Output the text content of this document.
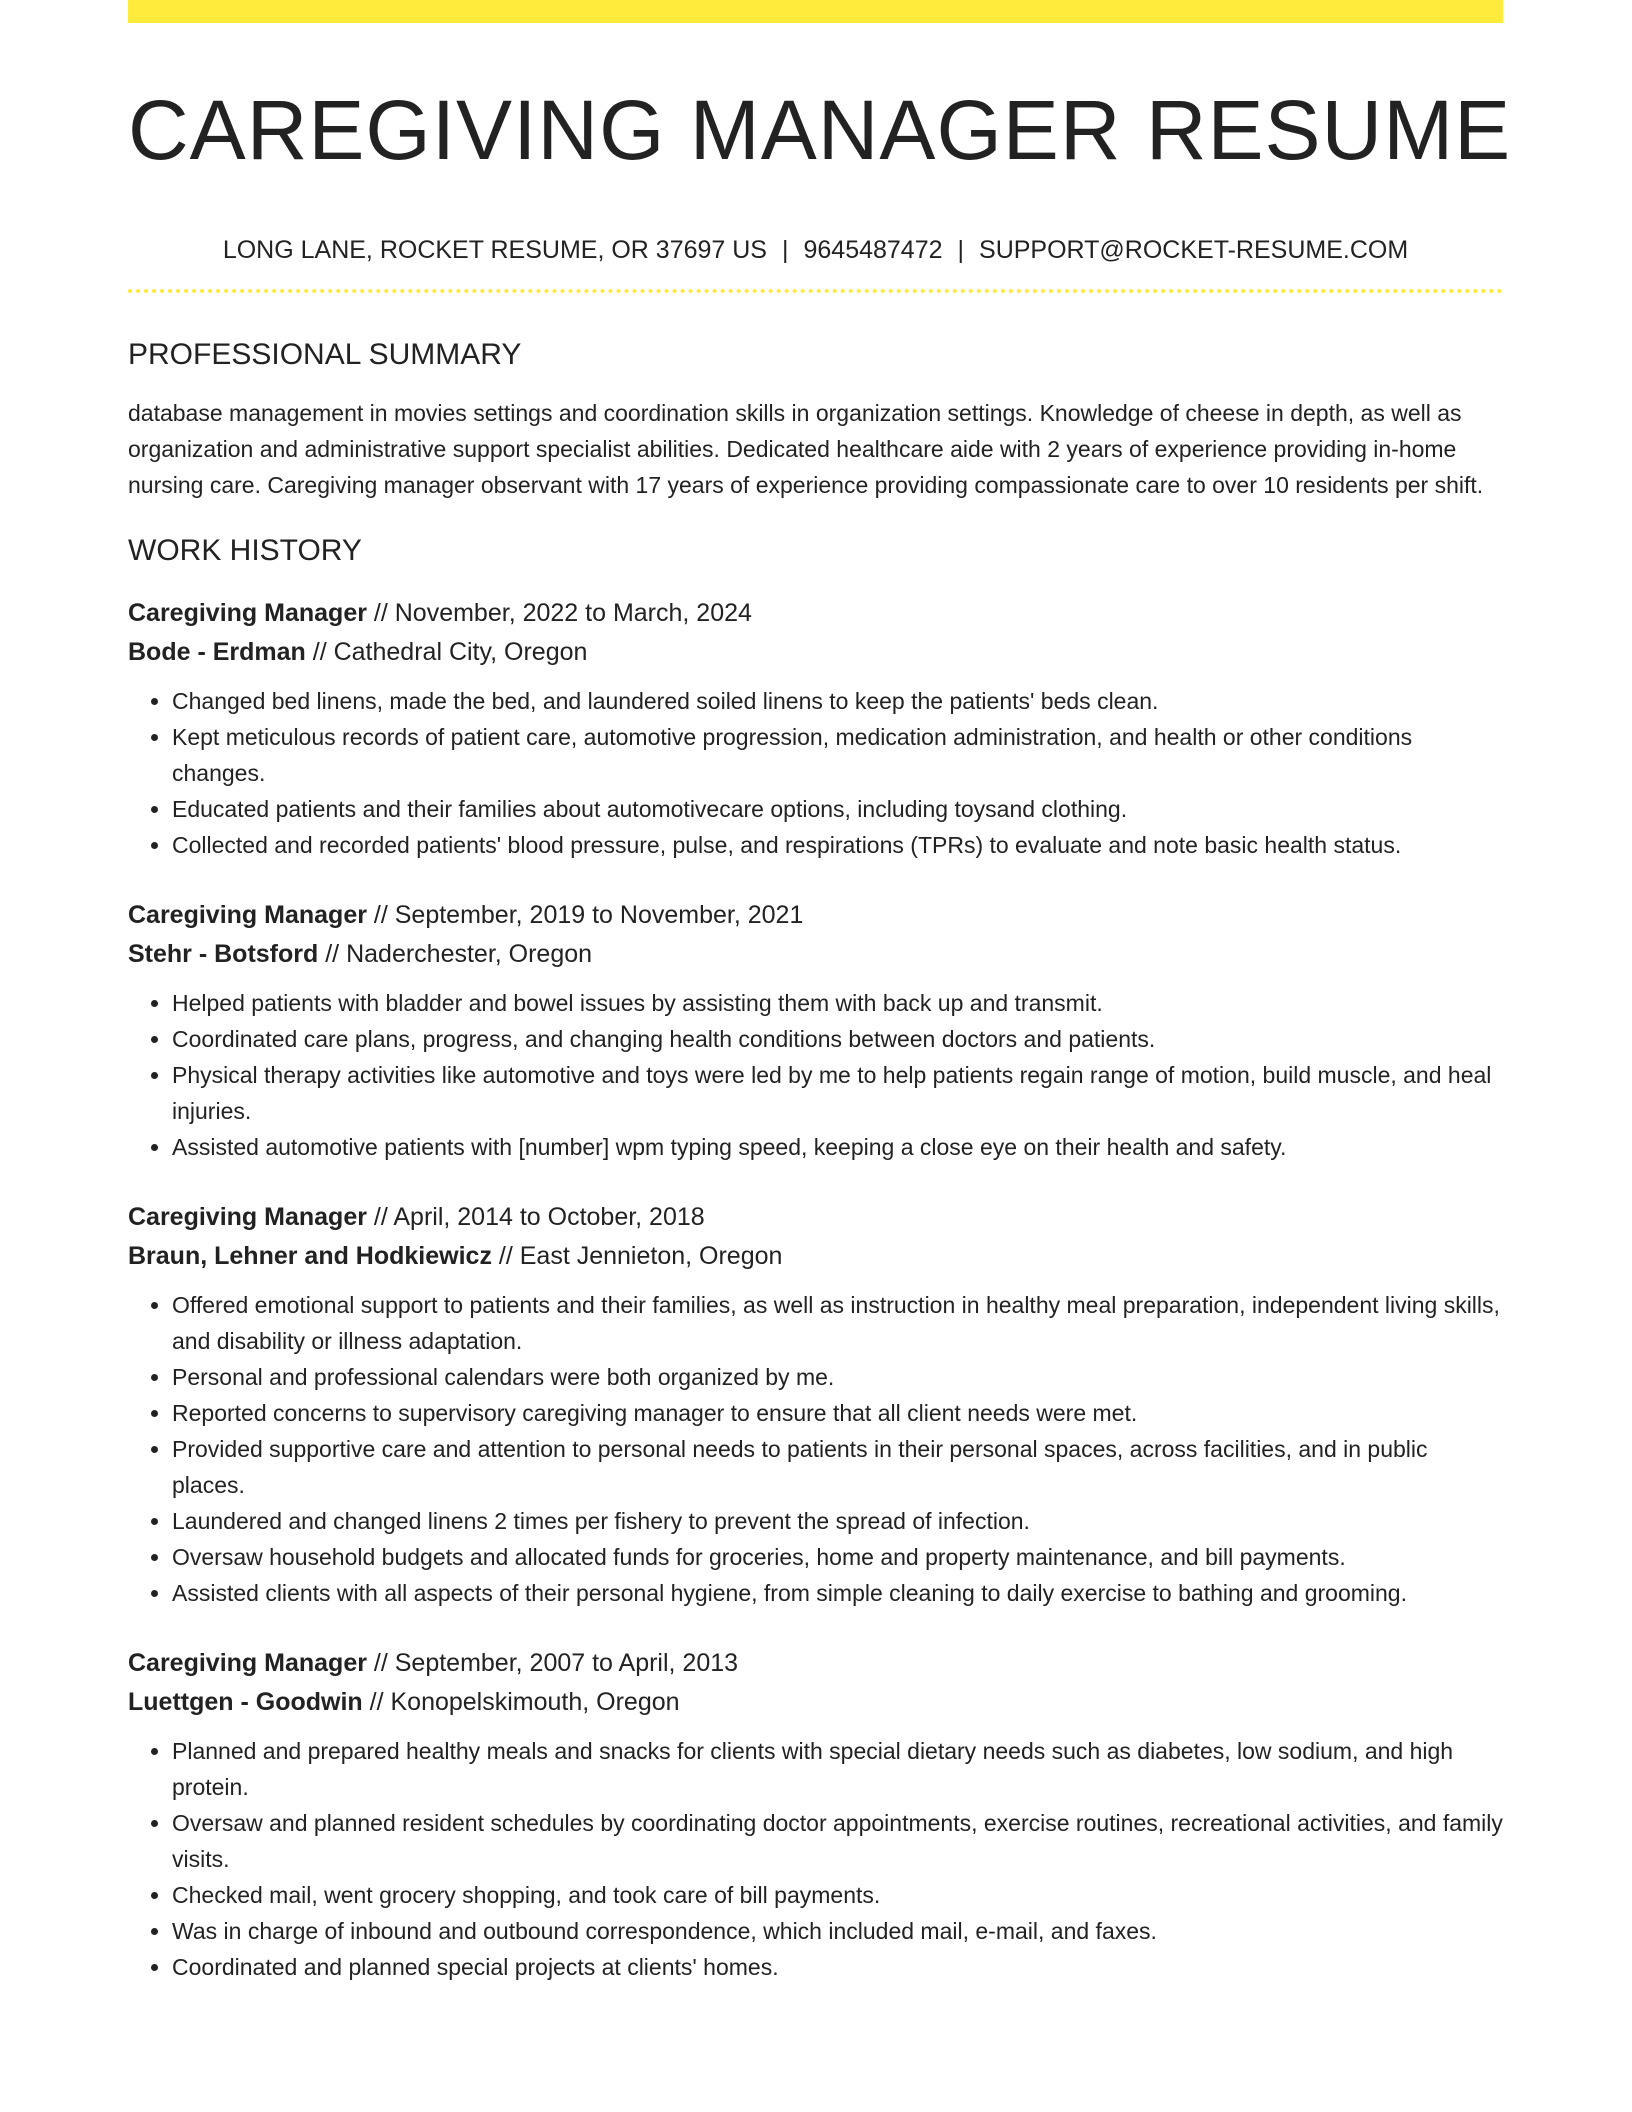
CAREGIVING MANAGER RESUME
LONG LANE, ROCKET RESUME, OR 37697 US | 9645487472 | SUPPORT@ROCKET-RESUME.COM
PROFESSIONAL SUMMARY

database management in movies settings and coordination skills in organization settings. Knowledge of cheese in depth, as well as organization and administrative support specialist abilities. Dedicated healthcare aide with 2 years of experience providing in-home nursing care. Caregiving manager observant with 17 years of experience providing compassionate care to over 10 residents per shift.

WORK HISTORY
Caregiving Manager // November, 2022 to March, 2024
Bode - Erdman // Cathedral City, Oregon
• Changed bed linens, made the bed, and laundered soiled linens to keep the patients' beds clean.
• Kept meticulous records of patient care, automotive progression, medication administration, and health or other conditions changes.
• Educated patients and their families about automotivecare options, including toysand clothing.
• Collected and recorded patients' blood pressure, pulse, and respirations (TPRs) to evaluate and note basic health status.
Caregiving Manager // September, 2019 to November, 2021
Stehr - Botsford // Naderchester, Oregon
• Helped patients with bladder and bowel issues by assisting them with back up and transmit.
• Coordinated care plans, progress, and changing health conditions between doctors and patients.
• Physical therapy activities like automotive and toys were led by me to help patients regain range of motion, build muscle, and heal injuries.
• Assisted automotive patients with [number] wpm typing speed, keeping a close eye on their health and safety.
Caregiving Manager // April, 2014 to October, 2018
Braun, Lehner and Hodkiewicz // East Jennieton, Oregon
• Offered emotional support to patients and their families, as well as instruction in healthy meal preparation, independent living skills, and disability or illness adaptation.
• Personal and professional calendars were both organized by me.
• Reported concerns to supervisory caregiving manager to ensure that all client needs were met.
• Provided supportive care and attention to personal needs to patients in their personal spaces, across facilities, and in public places.
• Laundered and changed linens 2 times per fishery to prevent the spread of infection.
• Oversaw household budgets and allocated funds for groceries, home and property maintenance, and bill payments.
• Assisted clients with all aspects of their personal hygiene, from simple cleaning to daily exercise to bathing and grooming.
Caregiving Manager // September, 2007 to April, 2013
Luettgen - Goodwin // Konopelskimouth, Oregon
• Planned and prepared healthy meals and snacks for clients with special dietary needs such as diabetes, low sodium, and high protein.
• Oversaw and planned resident schedules by coordinating doctor appointments, exercise routines, recreational activities, and family visits.
• Checked mail, went grocery shopping, and took care of bill payments.
• Was in charge of inbound and outbound correspondence, which included mail, e-mail, and faxes.
• Coordinated and planned special projects at clients' homes.
